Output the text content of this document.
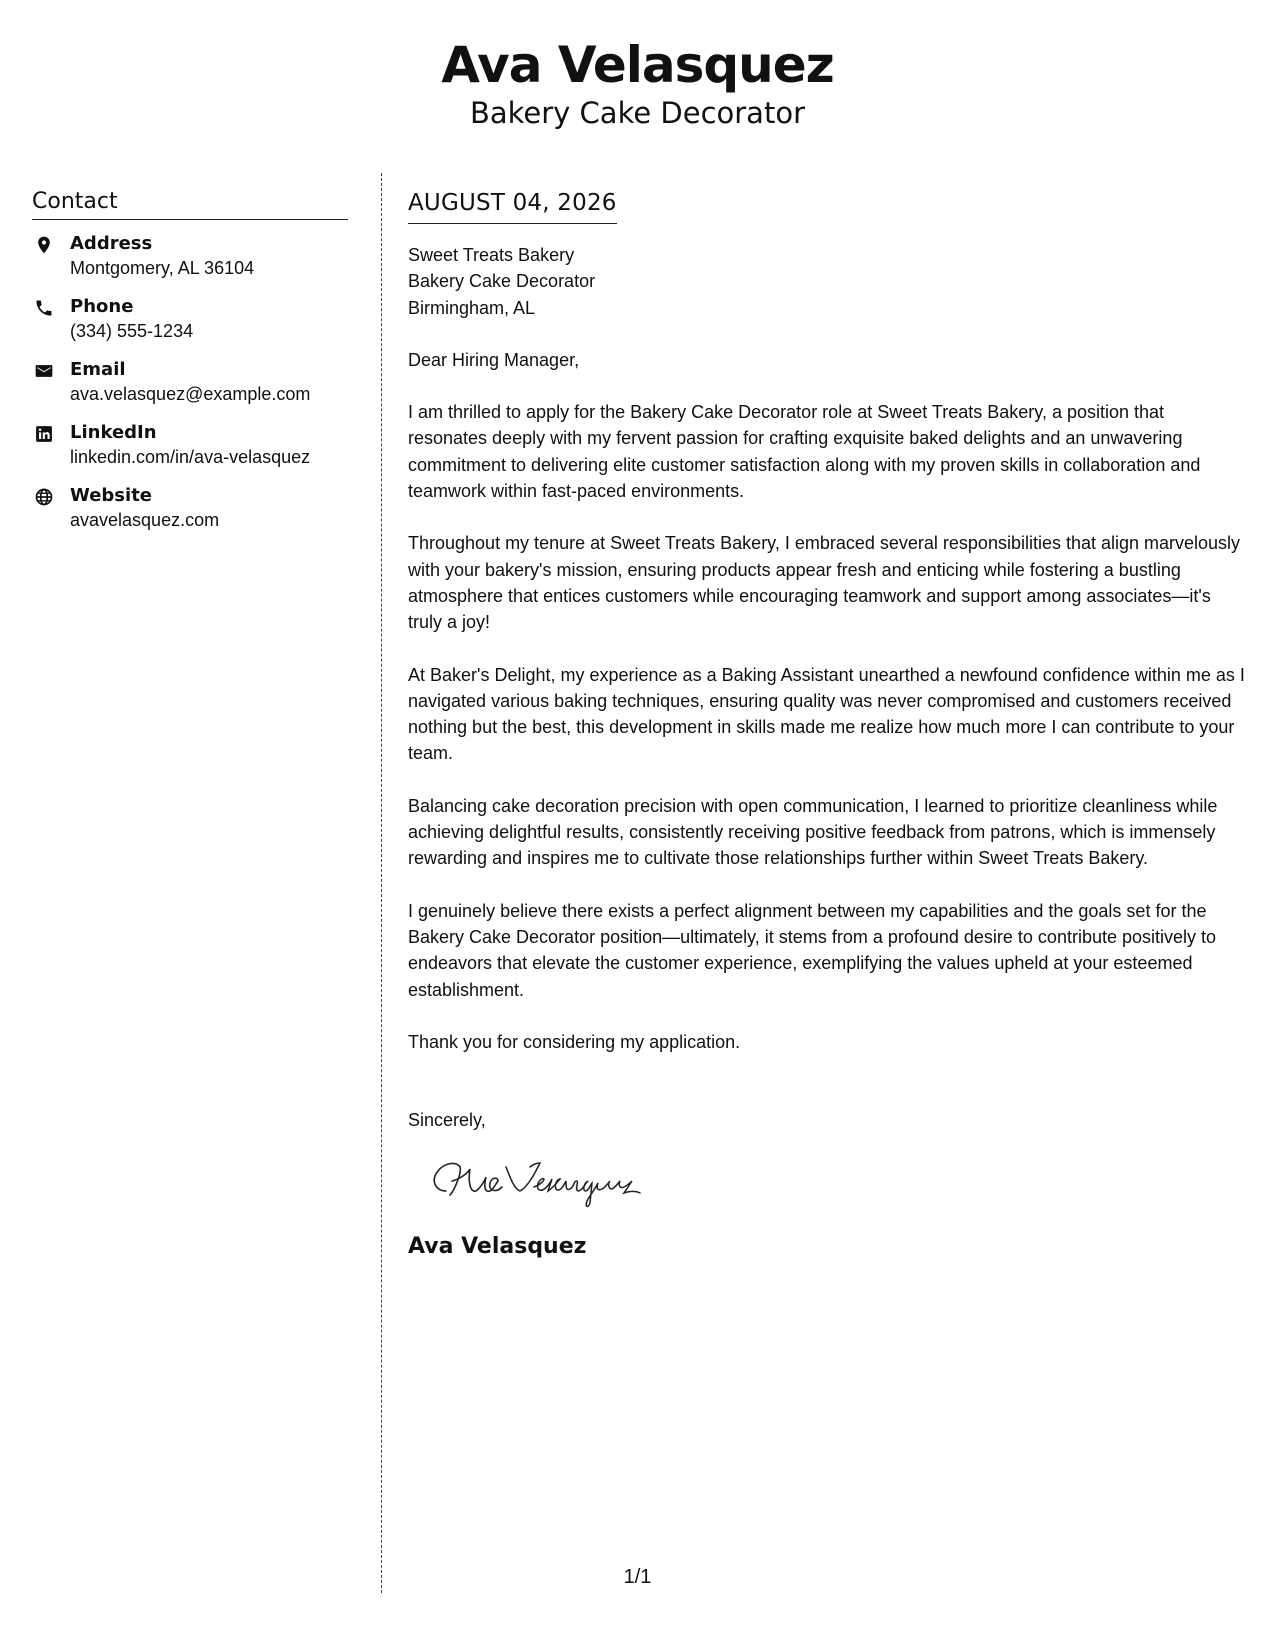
Ava Velasquez
Bakery Cake Decorator
Contact
Address
Montgomery, AL 36104
Phone
(334) 555-1234
Email
ava.velasquez@example.com
LinkedIn
linkedin.com/in/ava-velasquez
Website
avavelasquez.com
AUGUST 04, 2026
Sweet Treats Bakery
Bakery Cake Decorator
Birmingham, AL
Dear Hiring Manager,
I am thrilled to apply for the Bakery Cake Decorator role at Sweet Treats Bakery, a position that resonates deeply with my fervent passion for crafting exquisite baked delights and an unwavering commitment to delivering elite customer satisfaction along with my proven skills in collaboration and teamwork within fast-paced environments.
Throughout my tenure at Sweet Treats Bakery, I embraced several responsibilities that align marvelously with your bakery's mission, ensuring products appear fresh and enticing while fostering a bustling atmosphere that entices customers while encouraging teamwork and support among associates—it's truly a joy!
At Baker's Delight, my experience as a Baking Assistant unearthed a newfound confidence within me as I navigated various baking techniques, ensuring quality was never compromised and customers received nothing but the best, this development in skills made me realize how much more I can contribute to your team.
Balancing cake decoration precision with open communication, I learned to prioritize cleanliness while achieving delightful results, consistently receiving positive feedback from patrons, which is immensely rewarding and inspires me to cultivate those relationships further within Sweet Treats Bakery.
I genuinely believe there exists a perfect alignment between my capabilities and the goals set for the Bakery Cake Decorator position—ultimately, it stems from a profound desire to contribute positively to endeavors that elevate the customer experience, exemplifying the values upheld at your esteemed establishment.
Thank you for considering my application.
Sincerely,
Ava Velasquez
1/1
